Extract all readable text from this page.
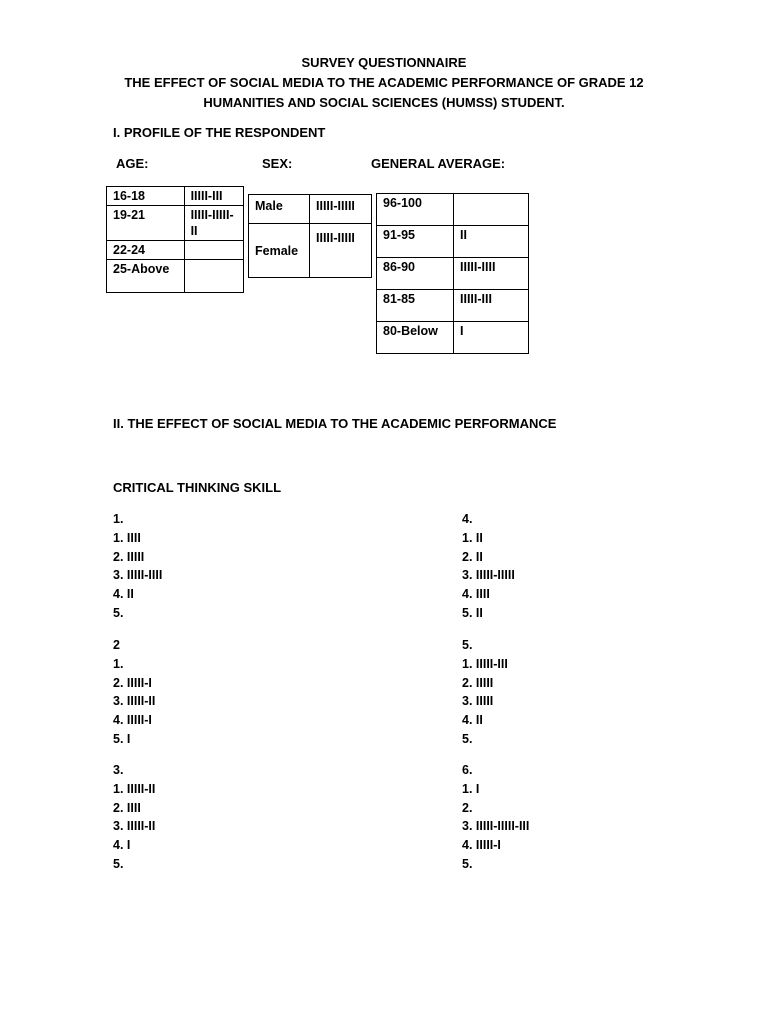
SURVEY QUESTIONNAIRE
THE EFFECT OF SOCIAL MEDIA TO THE ACADEMIC PERFORMANCE OF GRADE 12
HUMANITIES AND SOCIAL SCIENCES (HUMSS) STUDENT.
I. PROFILE OF THE RESPONDENT
AGE:	SEX:	GENERAL AVERAGE:
16-18	IIIII-III
19-21	IIIII-IIIII-II
22-24	
25-Above	
Male	IIIII-IIIII
Female	IIIII-IIIII
96-100	
91-95	II
86-90	IIIII-IIII
81-85	IIIII-III
80-Below	I
II. THE EFFECT OF SOCIAL MEDIA TO THE ACADEMIC PERFORMANCE
CRITICAL THINKING SKILL
1.
1. IIII
2. IIIII
3. IIIII-IIII
4. II
5.
2
1.
2. IIIII-I
3. IIIII-II
4. IIIII-I
5. I
3.
1. IIIII-II
2. IIII
3. IIIII-II
4. I
5.
4.
1. II
2. II
3. IIIII-IIIII
4. IIII
5. II
5.
1. IIIII-III
2. IIIII
3. IIIII
4. II
5.
6.
1. I
2.
3. IIIII-IIIII-III
4. IIIII-I
5.
